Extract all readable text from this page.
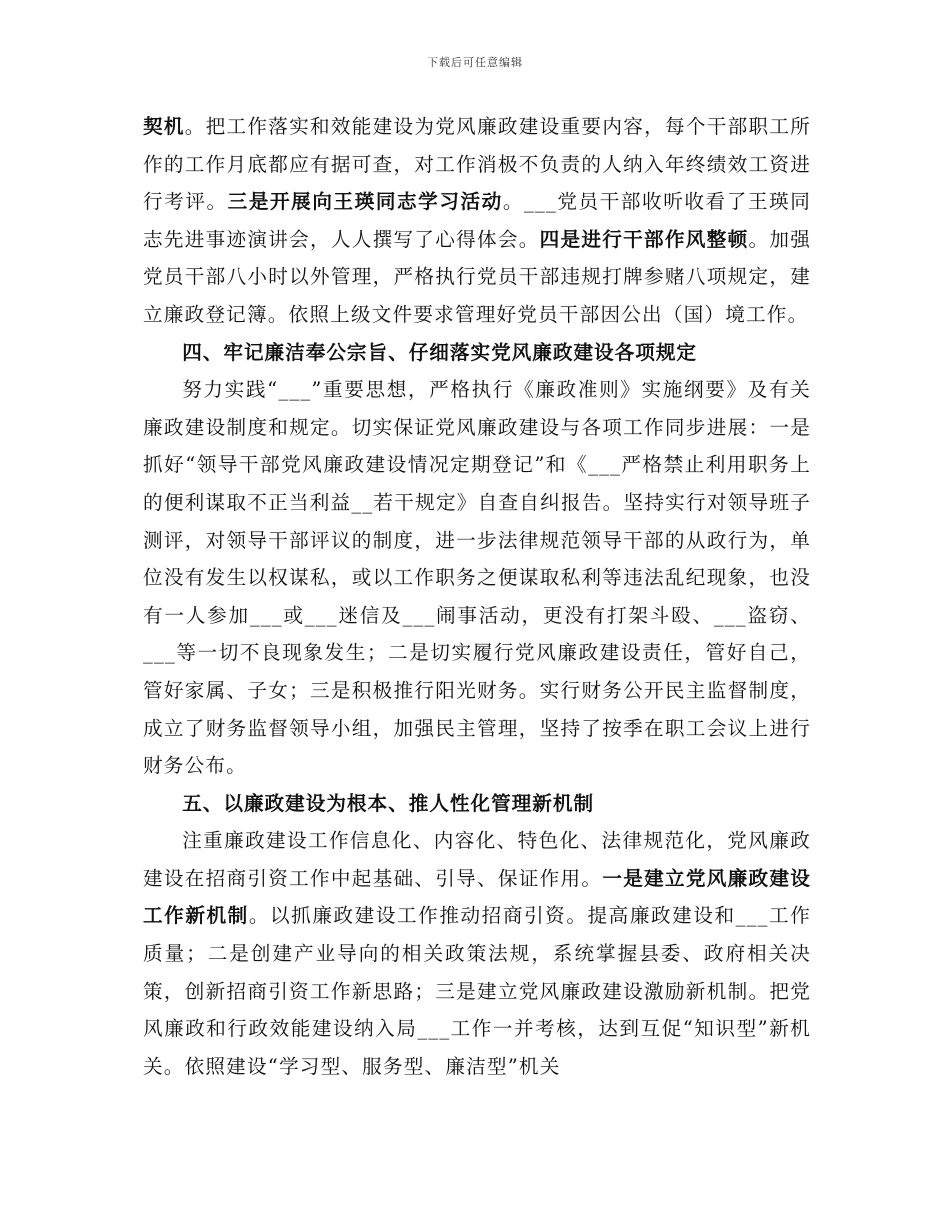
下载后可任意编辑

契机。把工作落实和效能建设为党风廉政建设重要内容，每个干部职工所作的工作月底都应有据可查，对工作消极不负责的人纳入年终绩效工资进行考评。三是开展向王瑛同志学习活动。___党员干部收听收看了王瑛同志先进事迹演讲会，人人撰写了心得体会。四是进行干部作风整顿。加强党员干部八小时以外管理，严格执行党员干部违规打牌参赌八项规定，建立廉政登记簿。依照上级文件要求管理好党员干部因公出（国）境工作。

四、牢记廉洁奉公宗旨、仔细落实党风廉政建设各项规定

努力实践“___”重要思想，严格执行《廉政准则》实施纲要》及有关廉政建设制度和规定。切实保证党风廉政建设与各项工作同步进展：一是抓好“领导干部党风廉政建设情况定期登记”和《___严格禁止利用职务上的便利谋取不正当利益__若干规定》自查自纠报告。坚持实行对领导班子测评，对领导干部评议的制度，进一步法律规范领导干部的从政行为，单位没有发生以权谋私，或以工作职务之便谋取私利等违法乱纪现象，也没有一人参加___或___迷信及___闹事活动，更没有打架斗殴、___盗窃、___等一切不良现象发生；二是切实履行党风廉政建设责任，管好自己，管好家属、子女；三是积极推行阳光财务。实行财务公开民主监督制度，成立了财务监督领导小组，加强民主管理，坚持了按季在职工会议上进行财务公布。

五、以廉政建设为根本、推人性化管理新机制

注重廉政建设工作信息化、内容化、特色化、法律规范化，党风廉政建设在招商引资工作中起基础、引导、保证作用。一是建立党风廉政建设工作新机制。以抓廉政建设工作推动招商引资。提高廉政建设和___工作质量；二是创建产业导向的相关政策法规，系统掌握县委、政府相关决策，创新招商引资工作新思路；三是建立党风廉政建设激励新机制。把党风廉政和行政效能建设纳入局___工作一并考核，达到互促“知识型”新机关。依照建设“学习型、服务型、廉洁型”机关
